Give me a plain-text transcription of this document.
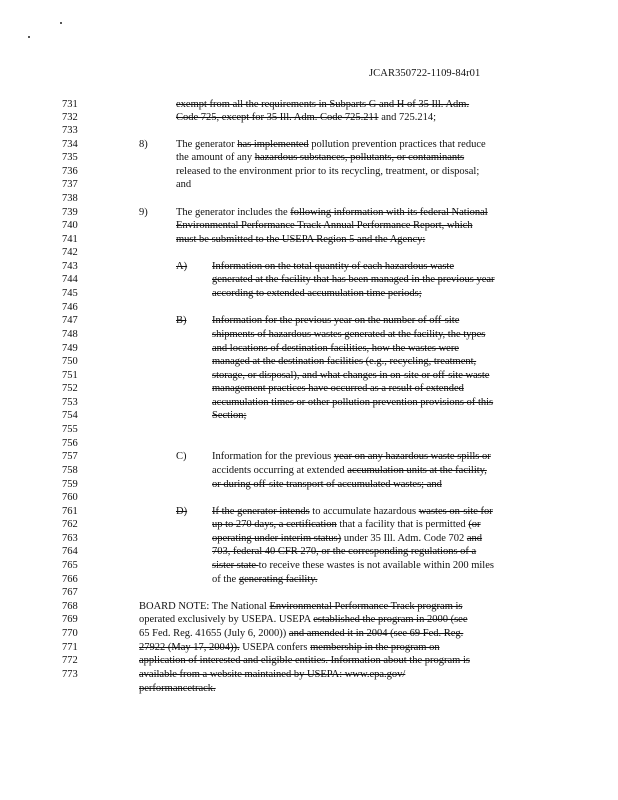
JCAR350722-1109-84r01
731
732
733
734
735
736
737
738
739
740
741
742
743
744
745
746
747
748
749
750
751
752
753
754
755
756
757
758
759
760
761
762
763
764
765
766
767
768
769
770
771
772
773
exempt from all the requirements in Subparts G and H of 35 Ill. Adm.
Code 725, except for 35 Ill. Adm. Code 725.211 and 725.214;
8)	The generator has implemented pollution prevention practices that reduce
the amount of any hazardous substances, pollutants, or contaminants
released to the environment prior to its recycling, treatment, or disposal;
and
9)	The generator includes the following information with its federal National
Environmental Performance Track Annual Performance Report, which
must be submitted to the USEPA Region 5 and the Agency:
A) Information on the total quantity of each hazardous waste
generated at the facility that has been managed in the previous year
according to extended accumulation time periods;
B) Information for the previous year on the number of off-site
shipments of hazardous wastes generated at the facility, the types
and locations of destination facilities, how the wastes were
managed at the destination facilities (e.g., recycling, treatment,
storage, or disposal), and what changes in on-site or off-site waste
management practices have occurred as a result of extended
accumulation times or other pollution prevention provisions of this
Section;
C) Information for the previous year on any hazardous waste spills or
accidents occurring at extended accumulation units at the facility,
or during off-site transport of accumulated wastes; and
D) If the generator intends to accumulate hazardous wastes on-site for
up to 270 days, a certification that a facility that is permitted (or
operating under interim status) under 35 Ill. Adm. Code 702 and
703, federal 40 CFR 270, or the corresponding regulations of a
sister state to receive these wastes is not available within 200 miles
of the generating facility.
BOARD NOTE: The National Environmental Performance Track program is
operated exclusively by USEPA. USEPA established the program in 2000 (see
65 Fed. Reg. 41655 (July 6, 2000)) and amended it in 2004 (see 69 Fed. Reg.
27922 (May 17, 2004)). USEPA confers membership in the program on
application of interested and eligible entities. Information about the program is
available from a website maintained by USEPA: www.epa.gov/
performancetrack.
